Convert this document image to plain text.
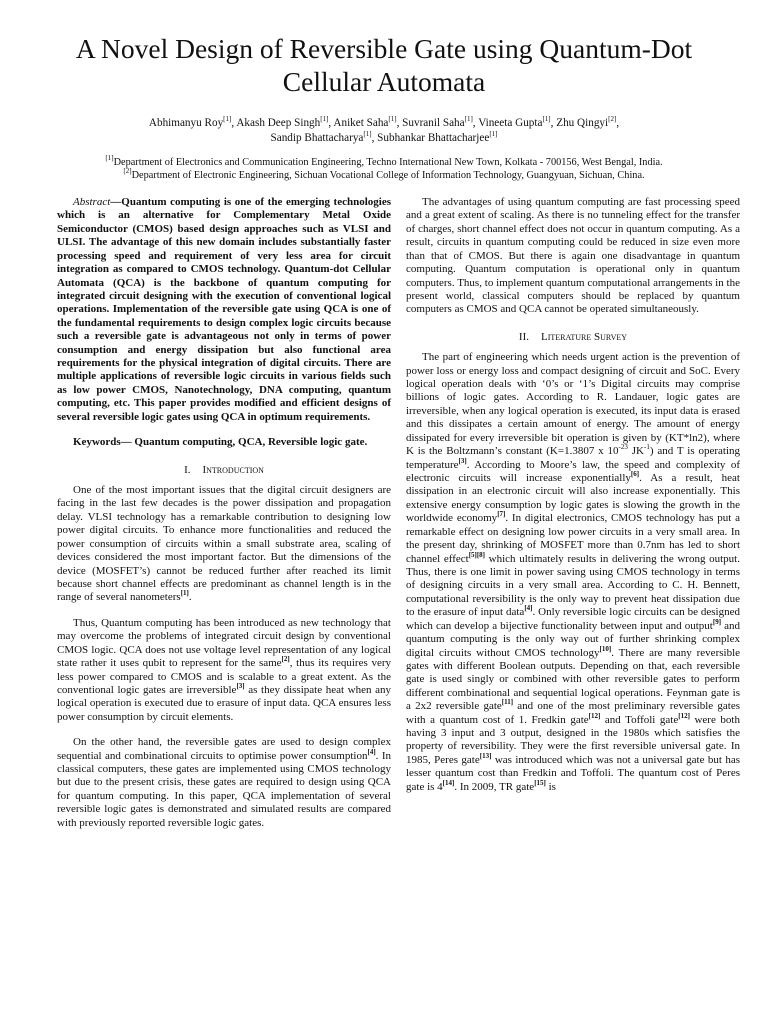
A Novel Design of Reversible Gate using Quantum-Dot Cellular Automata
Abhimanyu Roy[1], Akash Deep Singh[1], Aniket Saha[1], Suvranil Saha[1], Vineeta Gupta[1], Zhu Qingyi[2],
Sandip Bhattacharya[1], Subhankar Bhattacharjee[1]

[1]Department of Electronics and Communication Engineering, Techno International New Town, Kolkata - 700156, West Bengal, India.

[2]Department of Electronic Engineering, Sichuan Vocational College of Information Technology, Guangyuan, Sichuan, China.

Abstract—Quantum computing is one of the emerging technologies which is an alternative for Complementary Metal Oxide Semiconductor (CMOS) based design approaches such as VLSI and ULSI. The advantage of this new domain includes substantially faster processing speed and requirement of very less area for circuit integration as compared to CMOS technology. Quantum-dot Cellular Automata (QCA) is the backbone of quantum computing for integrated circuit designing with the execution of conventional logical operations. Implementation of the reversible gate using QCA is one of the fundamental requirements to design complex logic circuits because such a reversible gate is advantageous not only in terms of power consumption and energy dissipation but also functional area requirements for the physical integration of digital circuits. There are multiple applications of reversible logic circuits in various fields such as low power CMOS, Nanotechnology, DNA computing, quantum computing, etc. This paper provides modified and efficient designs of several reversible logic gates using QCA in optimum requirements.

Keywords— Quantum computing, QCA, Reversible logic gate.

I. Introduction

One of the most important issues that the digital circuit designers are facing in the last few decades is the power dissipation and propagation delay. VLSI technology has a remarkable contribution to designing low power digital circuits. To enhance more functionalities and reduced the power consumption of circuits within a small substrate area, scaling of devices considered the most important factor. But the dimensions of the device (MOSFET’s) cannot be reduced further after reached its limit because short channel effects are predominant as channel length is in the range of several nanometers[1].

Thus, Quantum computing has been introduced as new technology that may overcome the problems of integrated circuit design by conventional CMOS logic. QCA does not use voltage level representation of any logical state rather it uses qubit to represent for the same[2], thus its requires very less power compared to CMOS and is scalable to a great extent. As the conventional logic gates are irreversible[3] as they dissipate heat when any logical operation is executed due to erasure of input data. QCA ensures less power consumption by circuit elements.

On the other hand, the reversible gates are used to design complex sequential and combinational circuits to optimise power consumption[4]. In classical computers, these gates are implemented using CMOS technology but due to the present crisis, these gates are required to design using QCA for quantum computing. In this paper, QCA implementation of several reversible logic gates is demonstrated and simulated results are compared with previously reported reversible logic gates.

The advantages of using quantum computing are fast processing speed and a great extent of scaling. As there is no tunneling effect for the transfer of charges, short channel effect does not occur in quantum computing. As a result, circuits in quantum computing could be reduced in size even more than that of CMOS. But there is again one disadvantage in quantum computing. Quantum computation is operational only in quantum computers. Thus, to implement quantum computational arrangements in the present world, classical computers should be replaced by quantum computers as CMOS and QCA cannot be operated simultaneously.

II. Literature Survey

The part of engineering which needs urgent action is the prevention of power loss or energy loss and compact designing of circuit and SoC. Every logical operation deals with ‘0’s or ‘1’s Digital circuits may comprise billions of logic gates. According to R. Landauer, logic gates are irreversible, when any logical operation is executed, its input data is erased and this dissipates a certain amount of energy. The amount of energy dissipated for every irreversible bit operation is given by (KT*ln2), where K is the Boltzmann’s constant (K=1.3807 x $10^{-23}$ $JK^{-1}$) and T is operating temperature[3]. According to Moore’s law, the speed and complexity of electronic circuits will increase exponentially[6]. As a result, heat dissipation in an electronic circuit will also increase exponentially. This extensive energy consumption by logic gates is slowing the growth in the worldwide economy[7]. In digital electronics, CMOS technology has put a remarkable effect on designing low power circuits in a very small area. In the present day, shrinking of MOSFET more than 0.7nm has led to short channel effect[5][8] which ultimately results in delivering the wrong output. Thus, there is one limit in power saving using CMOS technology in terms of designing circuits in a very small area. According to C. H. Bennett, computational reversibility is the only way to prevent heat dissipation due to the erasure of input data[4]. Only reversible logic circuits can be designed which can develop a bijective functionality between input and output[9] and quantum computing is the only way out of further shrinking complex digital circuits without CMOS technology[10]. There are many reversible gates with different Boolean outputs. Depending on that, each reversible gate is used singly or combined with other reversible gates to perform different combinational and sequential logical operations. Feynman gate is a 2x2 reversible gate[11] and one of the most preliminary reversible gates with a quantum cost of 1. Fredkin gate[12] and Toffoli gate[12] were both having 3 input and 3 output, designed in the 1980s which satisfies the property of reversibility. They were the first reversible universal gate. In 1985, Peres gate[13] was introduced which was not a universal gate but has lesser quantum cost than Fredkin and Toffoli. The quantum cost of Peres gate is 4[14]. In 2009, TR gate[15] is
